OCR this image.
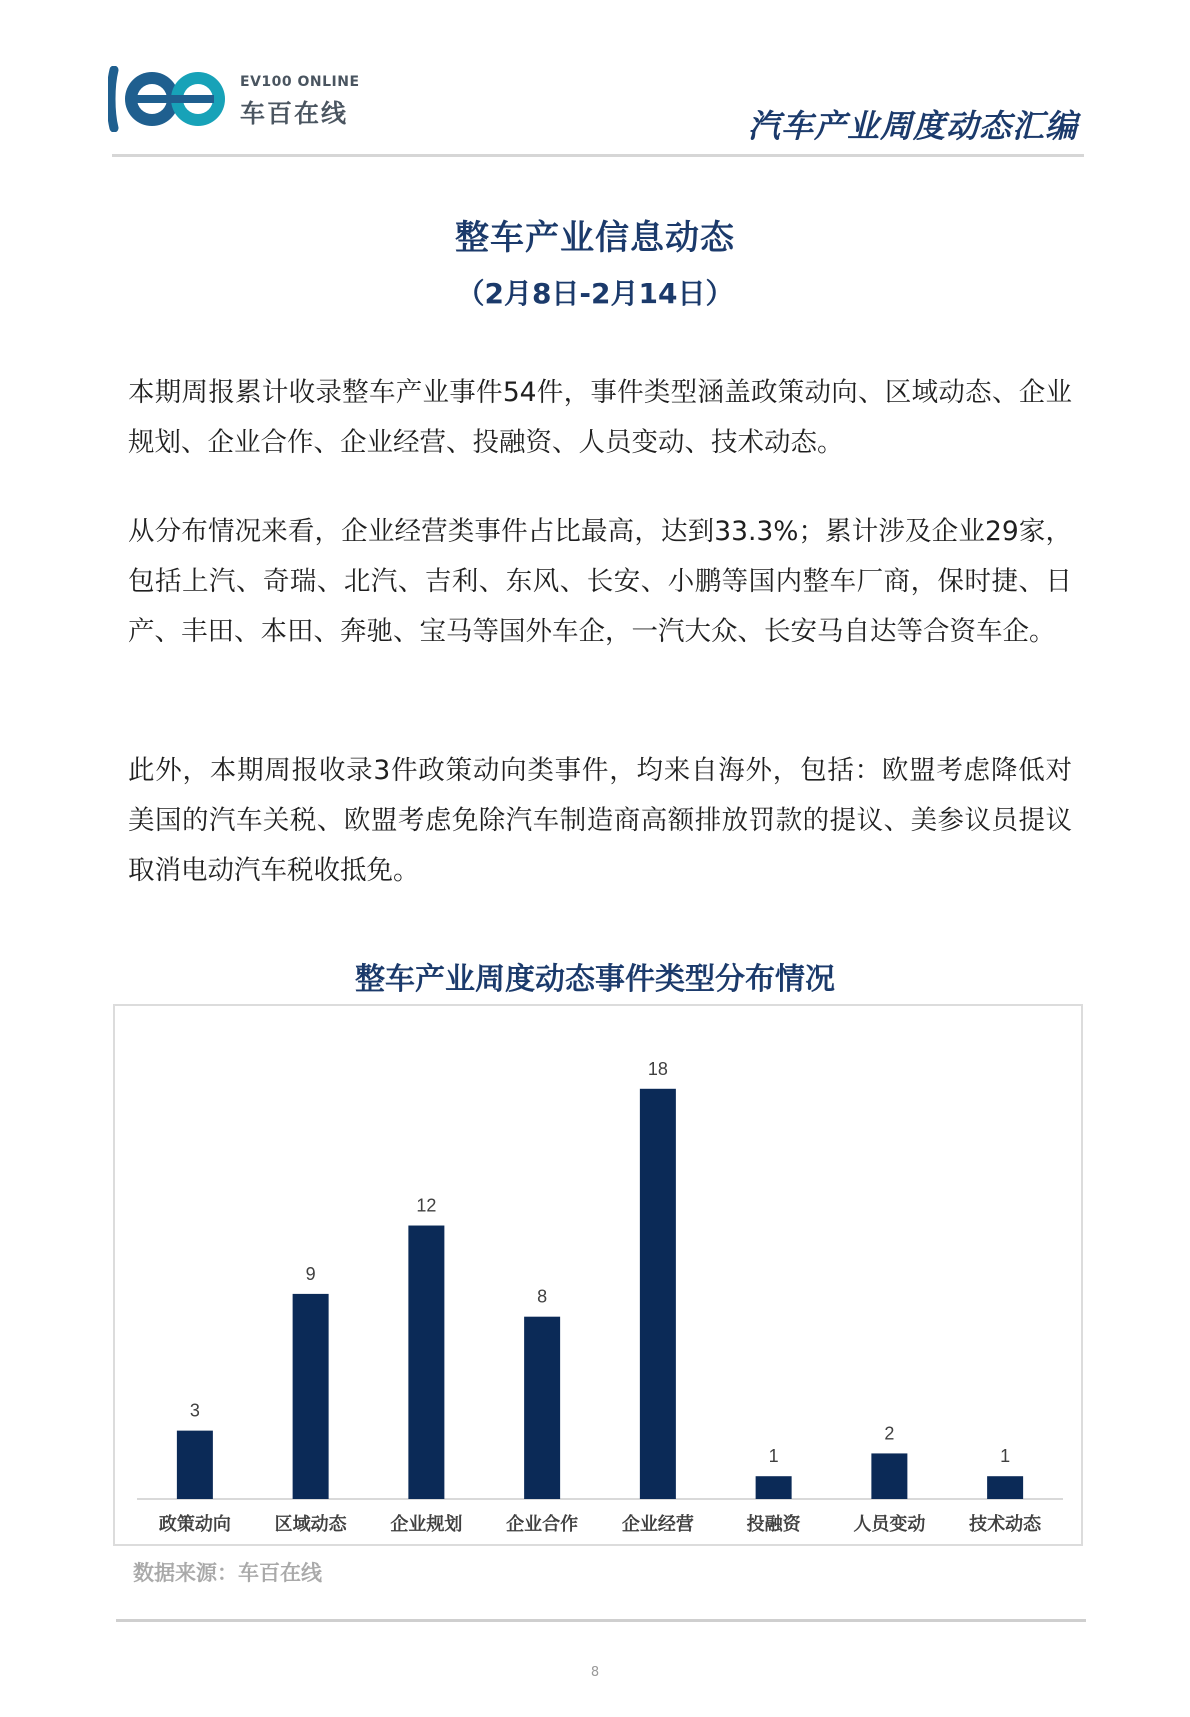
EV100 ONLINE
车百在线	汽车产业周度动态汇编
整车产业信息动态
（2月8日-2月14日）

本期周报累计收录整车产业事件54件，事件类型涵盖政策动向、区域动态、企业规划、企业合作、企业经营、投融资、人员变动、技术动态。

从分布情况来看，企业经营类事件占比最高，达到33.3%；累计涉及企业29家，包括上汽、奇瑞、北汽、吉利、东风、长安、小鹏等国内整车厂商，保时捷、日产、丰田、本田、奔驰、宝马等国外车企，一汽大众、长安马自达等合资车企。

此外，本期周报收录3件政策动向类事件，均来自海外，包括：欧盟考虑降低对美国的汽车关税、欧盟考虑免除汽车制造商高额排放罚款的提议、美参议员提议取消电动汽车税收抵免。

整车产业周度动态事件类型分布情况
3
政策动向
9
区域动态
12
企业规划
8
企业合作
18
企业经营
1
投融资
2
人员变动
1
技术动态
数据来源：车百在线
8
